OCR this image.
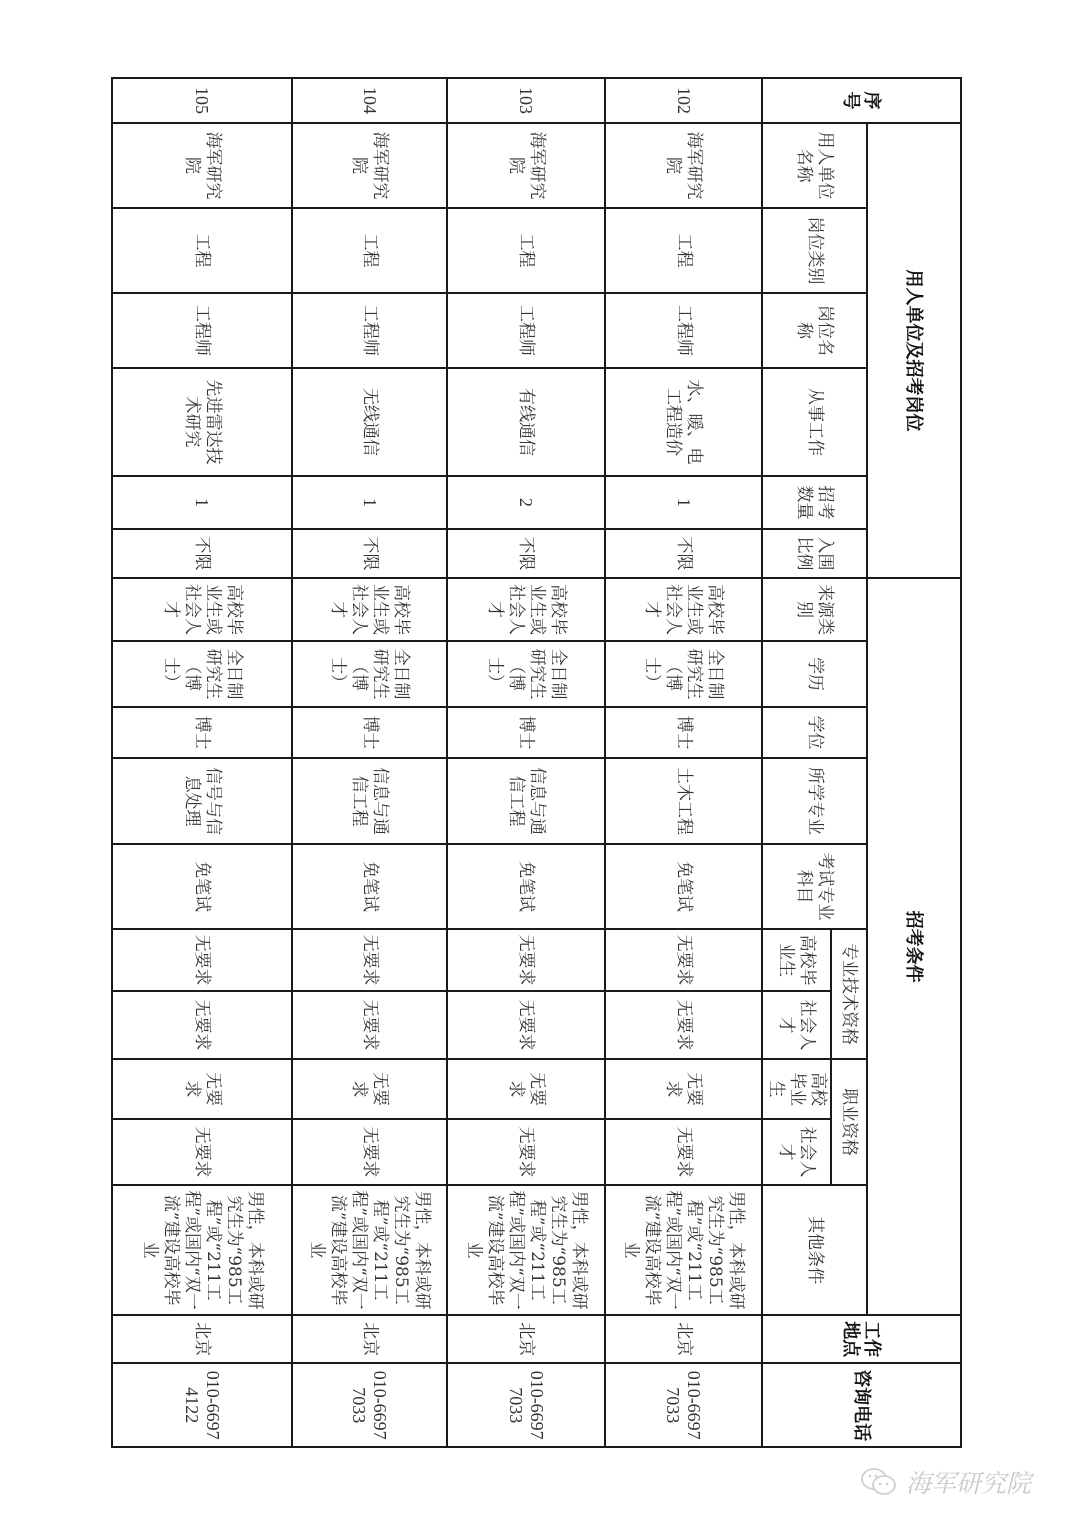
序号	用人单位及招考岗位						招考条件										工作地点	咨询电话
	用人单位名称	岗位类别	岗位名称	从事工作	招考数量	入围比例	来源类别	学历	学位	所学专业	考试专业科目	专业技术资格		职业资格		其他条件		
												高校毕业生	社会人才	高校毕业生	社会人才			
102	海军研究院	工程	工程师	水、暖、电工程造价	1	不限	高校毕业生或社会人才	全日制研究生（博士）	博士	土木工程	免笔试	无要求	无要求	无要求	无要求	男性，本科或研究生为“985工程”或“211工程”或国内“双一流”建设高校毕业	北京	010-66977033
103	海军研究院	工程	工程师	有线通信	2	不限	高校毕业生或社会人才	全日制研究生（博士）	博士	信息与通信工程	免笔试	无要求	无要求	无要求	无要求	男性，本科或研究生为“985工程”或“211工程”或国内“双一流”建设高校毕业	北京	010-66977033
104	海军研究院	工程	工程师	无线通信	1	不限	高校毕业生或社会人才	全日制研究生（博士）	博士	信息与通信工程	免笔试	无要求	无要求	无要求	无要求	男性，本科或研究生为“985工程”或“211工程”或国内“双一流”建设高校毕业	北京	010-66977033
105	海军研究院	工程	工程师	先进雷达技术研究	1	不限	高校毕业生或社会人才	全日制研究生（博士）	博士	信号与信息处理	免笔试	无要求	无要求	无要求	无要求	男性，本科或研究生为“985工程”或“211工程”或国内“双一流”建设高校毕业	北京	010-66974122
海军研究院
